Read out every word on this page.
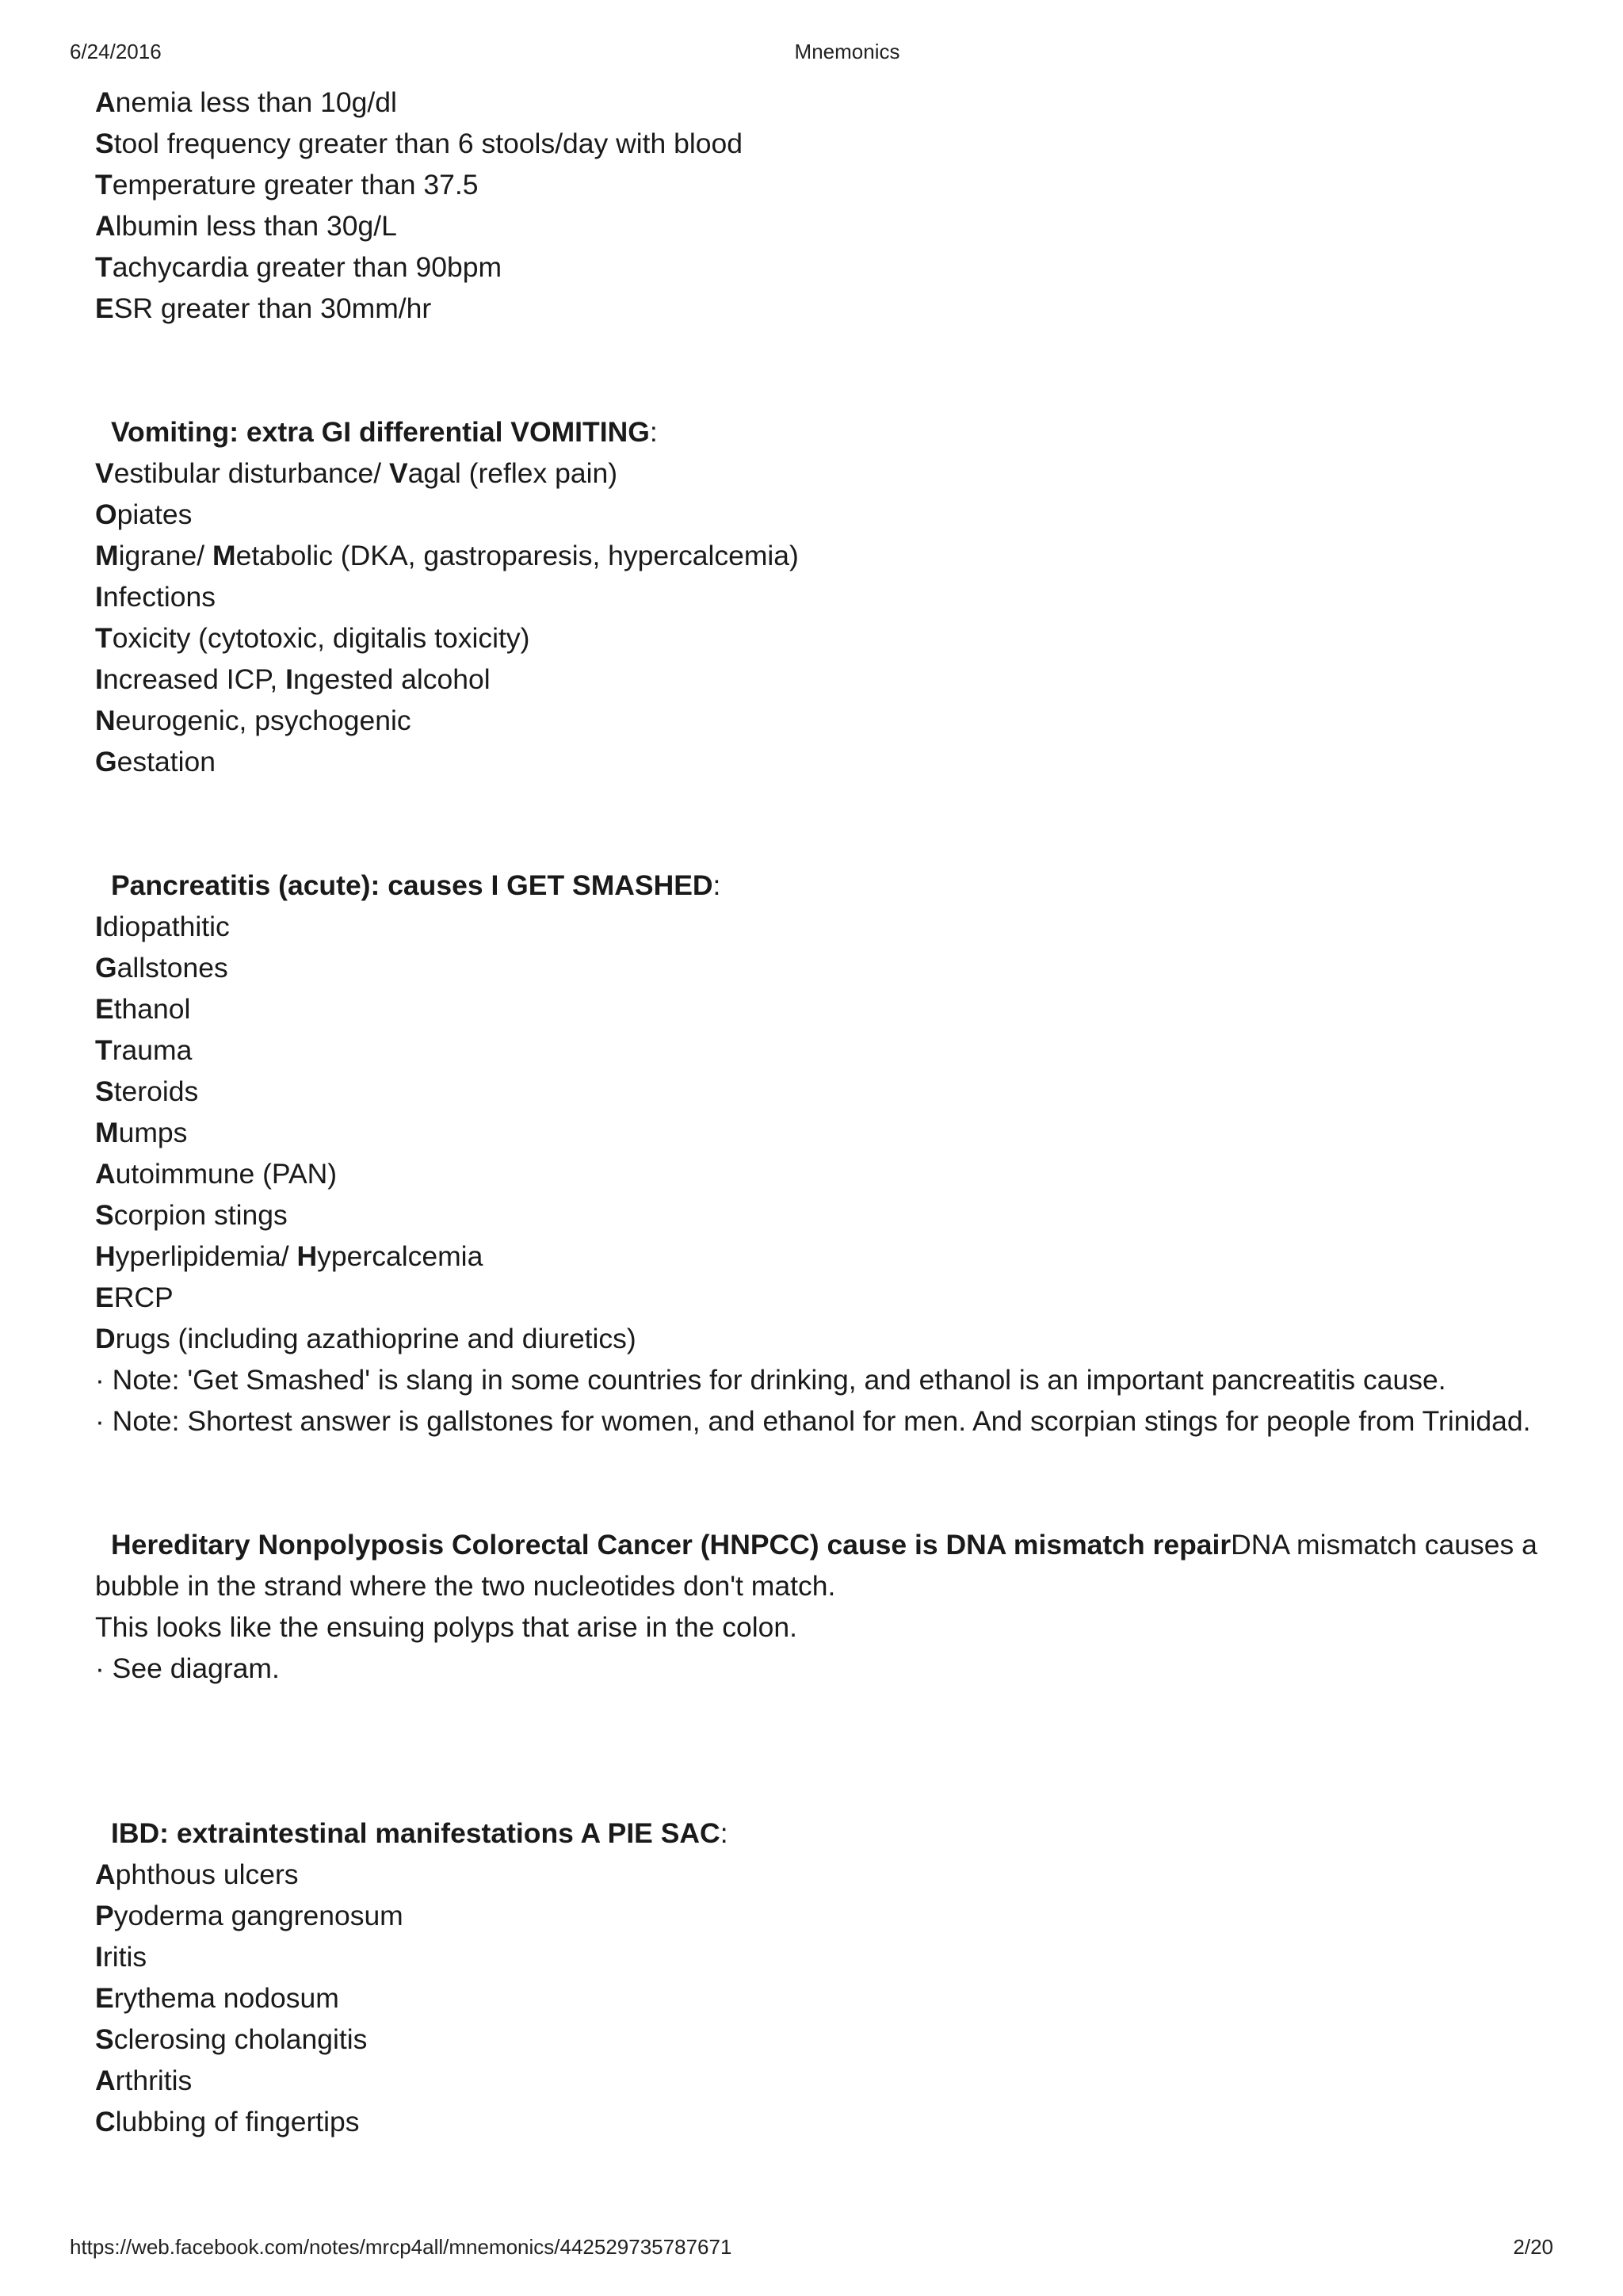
6/24/2016	Mnemonics
Anemia less than 10g/dl
Stool frequency greater than 6 stools/day with blood
Temperature greater than 37.5
Albumin less than 30g/L
Tachycardia greater than 90bpm
ESR greater than 30mm/hr
Vomiting: extra GI differential VOMITING:
Vestibular disturbance/ Vagal (reflex pain)
Opiates
Migrane/ Metabolic (DKA, gastroparesis, hypercalcemia)
Infections
Toxicity (cytotoxic, digitalis toxicity)
Increased ICP, Ingested alcohol
Neurogenic, psychogenic
Gestation
Pancreatitis (acute): causes I GET SMASHED:
Idiopathitic
Gallstones
Ethanol
Trauma
Steroids
Mumps
Autoimmune (PAN)
Scorpion stings
Hyperlipidemia/ Hypercalcemia
ERCP
Drugs (including azathioprine and diuretics)
· Note: 'Get Smashed' is slang in some countries for drinking, and ethanol is an important pancreatitis cause.
· Note: Shortest answer is gallstones for women, and ethanol for men. And scorpian stings for people from Trinidad.
Hereditary Nonpolyposis Colorectal Cancer (HNPCC) cause is DNA mismatch repairDNA mismatch causes a bubble in the strand where the two nucleotides don't match.
This looks like the ensuing polyps that arise in the colon.
· See diagram.
IBD: extraintestinal manifestations A PIE SAC:
Aphthous ulcers
Pyoderma gangrenosum
Iritis
Erythema nodosum
Sclerosing cholangitis
Arthritis
Clubbing of fingertips
https://web.facebook.com/notes/mrcp4all/mnemonics/442529735787671	2/20
